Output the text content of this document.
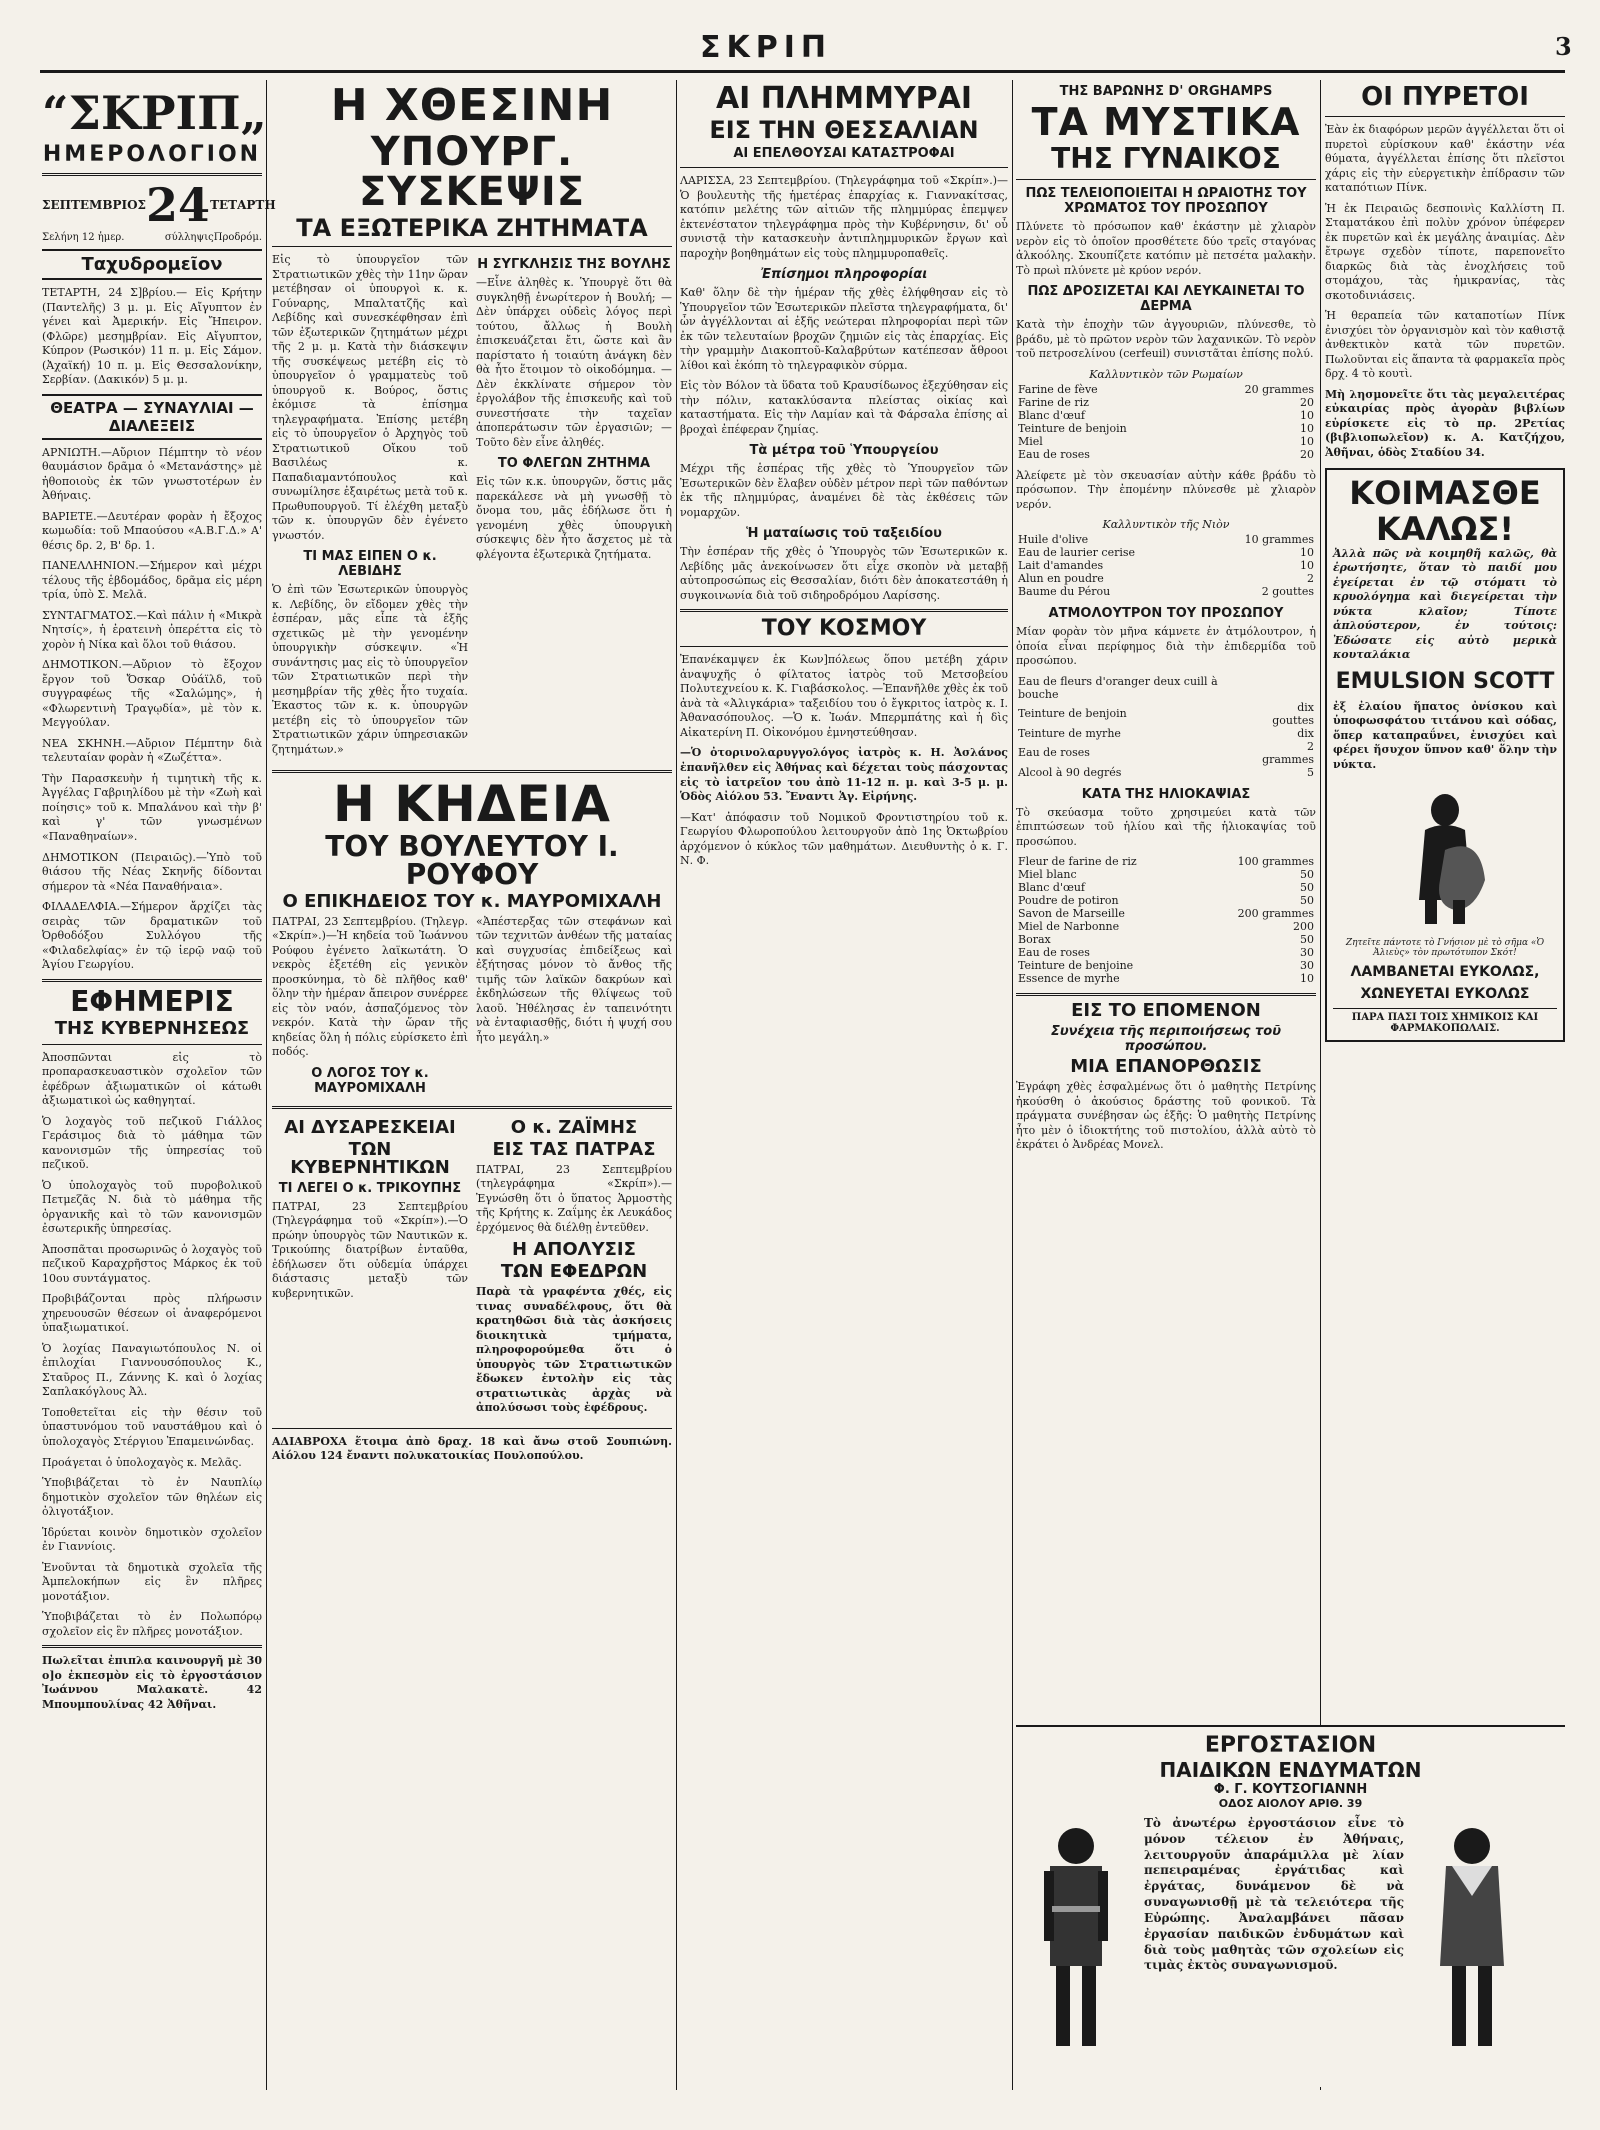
ΣΚΡΙΠ	3
“ΣΚΡΙΠ„
ΗΜΕΡΟΛΟΓΙΟΝ
ΣΕΠΤΕΜΒΡΙΟΣ 24 ΤΕΤΑΡΤΗ
Σελήνη 12 ἡμερ.	σύλληψιςΠροδρόμ.
Ταχυδρομεῖον

ΤΕΤΑΡΤΗ, 24 Σ]βρίου.— Εἰς Κρήτην (Παντελῆς) 3 μ. μ. Εἰς Αἴγυπτον ἐν γένει καὶ Ἀμερικήν. Εἰς Ἤπειρον. (Φλῶρε) μεσημβρίαν. Εἰς Αἴγυπτον, Κύπρον (Ρωσικόν) 11 π. μ. Εἰς Σάμον. (Ἀχαϊκή) 10 π. μ. Εἰς Θεσσαλονίκην, Σερβίαν. (Δακικόν) 5 μ. μ.

ΘΕΑΤΡΑ — ΣΥΝΑΥΛΙΑΙ — ΔΙΑΛΕΞΕΙΣ

ΑΡΝΙΩΤΗ.—Αὔριον Πέμπτην τὸ νέον θαυμάσιον δρᾶμα ὁ «Μετανάστης» μὲ ἠθοποιοὺς ἐκ τῶν γνωστοτέρων ἐν Ἀθήναις.

ΒΑΡΙΕΤΕ.—Δευτέραν φορὰν ἡ ἔξοχος κωμωδία: τοῦ Μπαούσου «Α.Β.Γ.Δ.» Α' θέσις δρ. 2, Β' δρ. 1.

ΠΑΝΕΛΛΗΝΙΟΝ.—Σήμερον καὶ μέχρι τέλους τῆς ἑβδομάδος, δρᾶμα εἰς μέρη τρία, ὑπὸ Σ. Μελᾶ.

ΣΥΝΤΑΓΜΑΤΟΣ.—Καὶ πάλιν ἡ «Μικρὰ Νητσίς», ἡ ἐρατεινὴ ὀπερέττα εἰς τὸ χορὸν ἡ Νίκα καὶ ὅλοι τοῦ θιάσου.

ΔΗΜΟΤΙΚΟΝ.—Αὔριον τὸ ἔξοχον ἔργον τοῦ Ὄσκαρ Οὐάϊλδ, τοῦ συγγραφέως τῆς «Σαλώμης», ἡ «Φλωρεντινὴ Τραγῳδία», μὲ τὸν κ. Μεγγούλαν.

ΝΕΑ ΣΚΗΝΗ.—Αὔριον Πέμπτην διὰ τελευταίαν φορὰν ἡ «Ζωζέττα».

Τὴν Παρασκευὴν ἡ τιμητικὴ τῆς κ. Ἀγγέλας Γαβριηλίδου μὲ τὴν «Ζωὴ καὶ ποίησις» τοῦ κ. Μπαλάνου καὶ τὴν β' καὶ γ' τῶν γνωσμένων «Παναθηναίων».

ΔΗΜΟΤΙΚΟΝ (Πειραιῶς).—Ὑπὸ τοῦ θιάσου τῆς Νέας Σκηνῆς δίδονται σήμερον τὰ «Νέα Παναθήναια».

ΦΙΛΑΔΕΛΦΙΑ.—Σήμερον ἄρχίζει τὰς σειρὰς τῶν δραματικῶν τοῦ Ὀρθοδόξου Συλλόγου τῆς «Φιλαδελφίας» ἐν τῷ ἱερῷ ναῷ τοῦ Ἁγίου Γεωργίου.

ΕΦΗΜΕΡΙΣ
ΤΗΣ ΚΥΒΕΡΝΗΣΕΩΣ

Ἀποσπῶνται εἰς τὸ προπαρασκευαστικὸν σχολεῖον τῶν ἐφέδρων ἀξιωματικῶν οἱ κάτωθι ἀξιωματικοὶ ὡς καθηγηταί.

Ὁ λοχαγὸς τοῦ πεζικοῦ Γιάλλος Γεράσιμος διὰ τὸ μάθημα τῶν κανονισμῶν τῆς ὑπηρεσίας τοῦ πεζικοῦ.

Ὁ ὑπολοχαγὸς τοῦ πυροβολικοῦ Πετμεζᾶς Ν. διὰ τὸ μάθημα τῆς ὀργανικῆς καὶ τὸ τῶν κανονισμῶν ἐσωτερικῆς ὑπηρεσίας.

Ἀποσπᾶται προσωρινῶς ὁ λοχαγὸς τοῦ πεζικοῦ Καραχρῆστος Μάρκος ἐκ τοῦ 10ου συντάγματος.

Προβιβάζονται πρὸς πλήρωσιν χηρευουσῶν θέσεων οἱ ἀναφερόμενοι ὑπαξιωματικοί.

Ὁ λοχίας Παναγιωτόπουλος Ν. οἱ ἐπιλοχίαι Γιαννουσόπουλος Κ., Σταῦρος Π., Ζάννης Κ. καὶ ὁ λοχίας Σαπλακόγλους Ἀλ.

Τοποθετεῖται εἰς τὴν θέσιν τοῦ ὑπαστυνόμου τοῦ ναυστάθμου καὶ ὁ ὑπολοχαγὸς Στέργιου Ἐπαμεινώνδας.

Προάγεται ὁ ὑπολοχαγὸς κ. Μελᾶς.

Ὑποβιβάζεται τὸ ἐν Ναυπλίῳ δημοτικὸν σχολεῖον τῶν θηλέων εἰς ὀλιγοτάξιον.

Ἱδρύεται κοινὸν δημοτικὸν σχολεῖον ἐν Γιαννίοις.

Ἐνοῦνται τὰ δημοτικὰ σχολεῖα τῆς Ἀμπελοκήπων εἰς ἓν πλῆρες μονοτάξιον.

Ὑποβιβάζεται τὸ ἐν Πολωπόρῳ σχολεῖον εἰς ἓν πλῆρες μονοτάξιον.

Πωλεῖται ἐπιπλα καινουργῆ μὲ 30 ο]ο ἐκπεσμὸν εἰς τὸ ἐργοστάσιον Ἰωάννου Μαλακατὲ. 42 Μπουμπουλίνας 42 Ἀθῆναι.

Η ΧΘΕΣΙΝΗ
ΥΠΟΥΡΓ. ΣΥΣΚΕΨΙΣ
ΤΑ ΕΞΩΤΕΡΙΚΑ ΖΗΤΗΜΑΤΑ

Εἰς τὸ ὑπουργεῖον τῶν Στρατιωτικῶν χθὲς τὴν 11ην ὥραν μετέβησαν οἱ ὑπουργοὶ κ. κ. Γούναρης, Μπαλτατζῆς καὶ Λεβίδης καὶ συνεσκέφθησαν ἐπὶ τῶν ἐξωτερικῶν ζητημάτων μέχρι τῆς 2 μ. μ. Κατὰ τὴν διάσκεψιν τῆς συσκέψεως μετέβη εἰς τὸ ὑπουργεῖον ὁ γραμματεὺς τοῦ ὑπουργοῦ κ. Βούρος, ὅστις ἐκόμισε τὰ ἐπίσημα τηλεγραφήματα. Ἐπίσης μετέβη εἰς τὸ ὑπουργεῖον ὁ Ἀρχηγὸς τοῦ Στρατιωτικοῦ Οἴκου τοῦ Βασιλέως κ. Παπαδιαμαντόπουλος καὶ συνωμίλησε ἐξαιρέτως μετὰ τοῦ κ. Πρωθυπουργοῦ. Τί ἐλέχθη μεταξὺ τῶν κ. ὑπουργῶν δὲν ἐγένετο γνωστόν.

ΤΙ ΜΑΣ ΕΙΠΕΝ Ο κ. ΛΕΒΙΔΗΣ

Ὁ ἐπὶ τῶν Ἐσωτερικῶν ὑπουργὸς κ. Λεβίδης, ὃν εἴδομεν χθὲς τὴν ἑσπέραν, μᾶς εἶπε τὰ ἑξῆς σχετικῶς μὲ τὴν γενομένην ὑπουργικὴν σύσκεψιν. «Ἡ συνάντησις μας εἰς τὸ ὑπουργεῖον τῶν Στρατιωτικῶν περὶ τὴν μεσημβρίαν τῆς χθὲς ἦτο τυχαία. Ἐκαστος τῶν κ. κ. ὑπουργῶν μετέβη εἰς τὸ ὑπουργεῖον τῶν Στρατιωτικῶν χάριν ὑπηρεσιακῶν ζητημάτων.»

Η ΣΥΓΚΛΗΣΙΣ ΤΗΣ ΒΟΥΛΗΣ

—Εἶνε ἀληθὲς κ. Ὑπουργὲ ὅτι θὰ συγκληθῇ ἐνωρίτερον ἡ Βουλή; —Δὲν ὑπάρχει οὐδεὶς λόγος περὶ τούτου, ἄλλως ἡ Βουλὴ ἐπισκευάζεται ἔτι, ὥστε καὶ ἂν παρίστατο ἡ τοιαύτη ἀνάγκη δὲν θὰ ἦτο ἕτοιμον τὸ οἰκοδόμημα. —Δὲν ἐκκλίνατε σήμερον τὸν ἐργολάβον τῆς ἐπισκευῆς καὶ τοῦ συνεστήσατε τὴν ταχεῖαν ἀποπεράτωσιν τῶν ἐργασιῶν; —Τοῦτο δὲν εἶνε ἀληθές.

ΤΟ ΦΛΕΓΩΝ ΖΗΤΗΜΑ

Εἰς τῶν κ.κ. ὑπουργῶν, ὅστις μᾶς παρεκάλεσε νὰ μὴ γνωσθῇ τὸ ὄνομα του, μᾶς ἐδήλωσε ὅτι ἡ γενομένη χθὲς ὑπουργικὴ σύσκεψις δὲν ἦτο ἄσχετος μὲ τὰ φλέγοντα ἐξωτερικὰ ζητήματα.

Η ΚΗΔΕΙΑ
ΤΟΥ ΒΟΥΛΕΥΤΟΥ Ι. ΡΟΥΦΟΥ
Ο ΕΠΙΚΗΔΕΙΟΣ ΤΟΥ κ. ΜΑΥΡΟΜΙΧΑΛΗ

ΠΑΤΡΑΙ, 23 Σεπτεμβρίου. (Τηλεγρ. «Σκρίπ».)—Ἡ κηδεία τοῦ Ἰωάννου Ρούφου ἐγένετο λαϊκωτάτη. Ὁ νεκρὸς ἐξετέθη εἰς γενικὸν προσκύνημα, τὸ δὲ πλῆθος καθ' ὅλην τὴν ἡμέραν ἄπειρον συνέρρεε εἰς τὸν ναόν, ἀσπαζόμενος τὸν νεκρόν. Κατὰ τὴν ὥραν τῆς κηδείας ὅλη ἡ πόλις εὑρίσκετο ἐπὶ ποδός.

Ο ΛΟΓΟΣ ΤΟΥ κ. ΜΑΥΡΟΜΙΧΑΛΗ

«Ἀπέστερξας τῶν στεφάνων καὶ τῶν τεχνιτῶν ἀνθέων τῆς ματαίας καὶ συγχυσίας ἐπιδείξεως καὶ ἐξήτησας μόνον τὸ ἄνθος τῆς τιμῆς τῶν λαϊκῶν δακρύων καὶ ἐκδηλώσεων τῆς θλίψεως τοῦ λαοῦ. Ἠθέλησας ἐν ταπεινότητι νὰ ἐνταφιασθῇς, διότι ἡ ψυχή σου ἦτο μεγάλη.»

ΑΙ ΔΥΣΑΡΕΣΚΕΙΑΙ
ΤΩΝ ΚΥΒΕΡΝΗΤΙΚΩΝ
ΤΙ ΛΕΓΕΙ Ο κ. ΤΡΙΚΟΥΠΗΣ

ΠΑΤΡΑΙ, 23 Σεπτεμβρίου (Τηλεγράφημα τοῦ «Σκρίπ»).—Ὁ πρώην ὑπουργὸς τῶν Ναυτικῶν κ. Τρικούπης διατρίβων ἐνταῦθα, ἐδήλωσεν ὅτι οὐδεμία ὑπάρχει διάστασις μεταξὺ τῶν κυβερνητικῶν.

Ο κ. ΖΑΪΜΗΣ
ΕΙΣ ΤΑΣ ΠΑΤΡΑΣ

ΠΑΤΡΑΙ, 23 Σεπτεμβρίου (τηλεγράφημα «Σκρίπ»).—Ἐγνώσθη ὅτι ὁ ὕπατος Ἁρμοστὴς τῆς Κρήτης κ. Ζαΐμης ἐκ Λευκάδος ἐρχόμενος θὰ διέλθῃ ἐντεῦθεν.

Η ΑΠΟΛΥΣΙΣ
ΤΩΝ ΕΦΕΔΡΩΝ

Παρὰ τὰ γραφέντα χθές, εἰς τινας συναδέλφους, ὅτι θὰ κρατηθῶσι διὰ τὰς ἀσκήσεις διοικητικὰ τμήματα, πληροφορούμεθα ὅτι ὁ ὑπουργὸς τῶν Στρατιωτικῶν ἔδωκεν ἐντολὴν εἰς τὰς στρατιωτικὰς ἀρχὰς νὰ ἀπολύσωσι τοὺς ἐφέδρους.

ΑΔΙΑΒΡΟΧΑ ἕτοιμα ἀπὸ δραχ. 18 καὶ ἄνω στοῦ Σουπιώνη. Αἰόλου 124 ἔναντι πολυκατοικίας Πουλοπούλου.

ΑΙ ΠΛΗΜΜΥΡΑΙ
ΕΙΣ ΤΗΝ ΘΕΣΣΑΛΙΑΝ
ΑΙ ΕΠΕΛΘΟΥΣΑΙ ΚΑΤΑΣΤΡΟΦΑΙ

ΛΑΡΙΣΣΑ, 23 Σεπτεμβρίου. (Τηλεγράφημα τοῦ «Σκρίπ».)—Ὁ βουλευτὴς τῆς ἡμετέρας ἐπαρχίας κ. Γιαννακίτσας, κατόπιν μελέτης τῶν αἰτιῶν τῆς πλημμύρας ἐπεμψεν ἐκτενέστατον τηλεγράφημα πρὸς τὴν Κυβέρνησιν, δι' οὗ συνιστᾷ τὴν κατασκευὴν ἀντιπλημμυρικῶν ἔργων καὶ παροχὴν βοηθημάτων εἰς τοὺς πλημμυροπαθεῖς.

Ἐπίσημοι πληροφορίαι

Καθ' ὅλην δὲ τὴν ἡμέραν τῆς χθὲς ἐλήφθησαν εἰς τὸ Ὑπουργεῖον τῶν Ἐσωτερικῶν πλεῖστα τηλεγραφήματα, δι' ὧν ἀγγέλλονται αἱ ἐξῆς νεώτεραι πληροφορίαι περὶ τῶν ἐκ τῶν τελευταίων βροχῶν ζημιῶν εἰς τὰς ἐπαρχίας. Εἰς τὴν γραμμὴν Διακοπτοῦ-Καλαβρύτων κατέπεσαν ἄθροοι λίθοι καὶ ἐκόπη τὸ τηλεγραφικὸν σύρμα.

Εἰς τὸν Βόλον τὰ ὕδατα τοῦ Κραυσίδωνος ἐξεχύθησαν εἰς τὴν πόλιν, κατακλύσαντα πλείστας οἰκίας καὶ καταστήματα. Εἰς τὴν Λαμίαν καὶ τὰ Φάρσαλα ἐπίσης αἱ βροχαὶ ἐπέφεραν ζημίας.

Τὰ μέτρα τοῦ Ὑπουργείου

Μέχρι τῆς ἑσπέρας τῆς χθὲς τὸ Ὑπουργεῖον τῶν Ἐσωτερικῶν δὲν ἔλαβεν οὐδὲν μέτρον περὶ τῶν παθόντων ἐκ τῆς πλημμύρας, ἀναμένει δὲ τὰς ἐκθέσεις τῶν νομαρχῶν.

Ἡ ματαίωσις τοῦ ταξειδίου

Τὴν ἑσπέραν τῆς χθὲς ὁ Ὑπουργὸς τῶν Ἐσωτερικῶν κ. Λεβίδης μᾶς ἀνεκοίνωσεν ὅτι εἶχε σκοπὸν νὰ μεταβῇ αὐτοπροσώπως εἰς Θεσσαλίαν, διότι δὲν ἀποκατεστάθη ἡ συγκοινωνία διὰ τοῦ σιδηροδρόμου Λαρίσσης.

ΤΟΥ ΚΟΣΜΟΥ

Ἐπανέκαμψεν ἐκ Κων]πόλεως ὅπου μετέβη χάριν ἀναψυχῆς ὁ φίλτατος ἰατρὸς τοῦ Μετσοβείου Πολυτεχνείου κ. Κ. Γιαβάσκολος. —Ἐπανῆλθε χθὲς ἐκ τοῦ ἀνὰ τὰ «Ἀλιγκάρια» ταξειδίου του ὁ ἔγκριτος ἰατρὸς κ. Ι. Ἀθανασόπουλος. —Ὁ κ. Ἰωάν. Μπερμπάτης καὶ ἡ δὶς Αἰκατερίνη Π. Οἰκονόμου ἐμνηστεύθησαν.

—Ὁ ὀτορινολαρυγγολόγος ἰατρὸς κ. Η. Ἀσλάνος ἐπανῆλθεν εἰς Ἀθήνας καὶ δέχεται τοὺς πάσχοντας εἰς τὸ ἰατρεῖον του ἀπὸ 11-12 π. μ. καὶ 3-5 μ. μ. Ὁδὸς Αἰόλου 53. Ἔναντι Ἁγ. Εἰρήνης.

—Κατ' ἀπόφασιν τοῦ Νομικοῦ Φροντιστηρίου τοῦ κ. Γεωργίου Φλωροπούλου λειτουργοῦν ἀπὸ 1ης Ὀκτωβρίου ἀρχόμενον ὁ κύκλος τῶν μαθημάτων. Διευθυντὴς ὁ κ. Γ. Ν. Φ.

ΤΗΣ ΒΑΡΩΝΗΣ D' ORGHAMPS
ΤΑ ΜΥΣΤΙΚΑ
ΤΗΣ ΓΥΝΑΙΚΟΣ
ΠΩΣ ΤΕΛΕΙΟΠΟΙΕΙΤΑΙ Η ΩΡΑΙΟΤΗΣ ΤΟΥ ΧΡΩΜΑΤΟΣ ΤΟΥ ΠΡΟΣΩΠΟΥ

Πλύνετε τὸ πρόσωπον καθ' ἑκάστην μὲ χλιαρὸν νερὸν εἰς τὸ ὁποῖον προσθέτετε δύο τρεῖς σταγόνας ἀλκοόλης. Σκουπίζετε κατόπιν μὲ πετσέτα μαλακὴν. Τὸ πρωὶ πλύνετε μὲ κρύον νερόν.

ΠΩΣ ΔΡΟΣΙΖΕΤΑΙ ΚΑΙ ΛΕΥΚΑΙΝΕΤΑΙ ΤΟ ΔΕΡΜΑ

Κατὰ τὴν ἐποχὴν τῶν ἀγγουριῶν, πλύνεσθε, τὸ βράδυ, μὲ τὸ πρῶτον νερὸν τῶν λαχανικῶν. Τὸ νερὸν τοῦ πετροσελίνου (cerfeuil) συνιστᾶται ἐπίσης πολύ.

Καλλυντικὸν τῶν Ρωμαίων
Farine de fève	20 grammes
Farine de riz	20
Blanc d'œuf	10
Teinture de benjoin	10
Miel	10
Eau de roses	20

Ἀλείφετε μὲ τὸν σκευασίαν αὐτὴν κάθε βράδυ τὸ πρόσωπον. Τὴν ἐπομένην πλύνεσθε μὲ χλιαρὸν νερόν.

Καλλυντικὸν τῆς Νιὸν
Huile d'olive	10 grammes
Eau de laurier cerise	10
Lait d'amandes	10
Alun en poudre	2
Baume du Pérou	2 gouttes
ΑΤΜΟΛΟΥΤΡΟΝ ΤΟΥ ΠΡΟΣΩΠΟΥ

Μίαν φορὰν τὸν μῆνα κάμνετε ἐν ἀτμόλουτρον, ἡ ὁποία εἶναι περίφημος διὰ τὴν ἐπιδερμίδα τοῦ προσώπου.

Eau de fleurs d'oranger deux cuill à bouche	
Teinture de benjoin	dix gouttes
Teinture de myrhe	dix
Eau de roses	2 grammes
Alcool à 90 degrés	5
ΚΑΤΑ ΤΗΣ ΗΛΙΟΚΑΨΙΑΣ

Τὸ σκεύασμα τοῦτο χρησιμεύει κατὰ τῶν ἐπιπτώσεων τοῦ ἡλίου καὶ τῆς ἡλιοκαψίας τοῦ προσώπου.

Fleur de farine de riz	100 grammes
Miel blanc	50
Blanc d'œuf	50
Poudre de potiron	50
Savon de Marseille	200 grammes
Miel de Narbonne	200
Borax	50
Eau de roses	30
Teinture de benjoine	30
Essence de myrhe	10
ΕΙΣ ΤΟ ΕΠΟΜΕΝΟΝ
Συνέχεια τῆς περιποιήσεως τοῦ προσώπου.
ΜΙΑ ΕΠΑΝΟΡΘΩΣΙΣ

Ἐγράφη χθὲς ἐσφαλμένως ὅτι ὁ μαθητὴς Πετρίνης ἠκούσθη ὁ ἀκούσιος δράστης τοῦ φονικοῦ. Τὰ πράγματα συνέβησαν ὡς ἑξῆς: Ὁ μαθητὴς Πετρίνης ἦτο μὲν ὁ ἰδιοκτήτης τοῦ πιστολίου, ἀλλὰ αὐτὸ τὸ ἐκράτει ὁ Ἀνδρέας Μονελ.

ΟΙ ΠΥΡΕΤΟΙ

Ἐὰν ἐκ διαφόρων μερῶν ἀγγέλλεται ὅτι οἱ πυρετοὶ εὑρίσκουν καθ' ἑκάστην νέα θύματα, ἀγγέλλεται ἐπίσης ὅτι πλεῖστοι χάρις εἰς τὴν εὐεργετικὴν ἐπίδρασιν τῶν καταπότιων Πίνκ.

Ἡ ἐκ Πειραιῶς δεσποινὶς Καλλίστη Π. Σταματάκου ἐπὶ πολὺν χρόνον ὑπέφερεν ἐκ πυρετῶν καὶ ἐκ μεγάλης ἀναιμίας. Δὲν ἔτρωγε σχεδὸν τίποτε, παρεπονεῖτο διαρκῶς διὰ τὰς ἐνοχλήσεις τοῦ στομάχου, τὰς ἡμικρανίας, τὰς σκοτοδινιάσεις.

Ἡ θεραπεία τῶν καταποτίων Πίνκ ἐνισχύει τὸν ὀργανισμὸν καὶ τὸν καθιστᾷ ἀνθεκτικὸν κατὰ τῶν πυρετῶν. Πωλοῦνται εἰς ἅπαντα τὰ φαρμακεῖα πρὸς δρχ. 4 τὸ κουτὶ.

Μὴ λησμονεῖτε ὅτι τὰς μεγαλειτέρας εὐκαιρίας πρὸς ἀγορὰν βιβλίων εὑρίσκετε εἰς τὸ πρ. 2Ρετίας (βιβλιοπωλεῖον) κ. Α. Κατζήχου, Ἀθῆναι, ὁδὸς Σταδίου 34.

ΚΟΙΜΑΣΘΕ
ΚΑΛΩΣ!

Ἀλλὰ πῶς νὰ κοιμηθῆ καλῶς, θὰ ἐρωτήσητε, ὅταν τὸ παιδί μου ἐγείρεται ἐν τῷ στόματι τὸ κρυολόγημα καὶ διεγείρεται τὴν νύκτα κλαῖον; Τίποτε ἁπλούστερον, ἐν τούτοις: Ἐδώσατε εἰς αὐτὸ μερικὰ κουταλάκια

EMULSION SCOTT

ἐξ ἐλαίου ἥπατος ὀνίσκου καὶ ὑποφωσφάτου τιτάνου καὶ σόδας, ὅπερ καταπραΰνει, ἐνισχύει καὶ φέρει ἥσυχον ὕπνον καθ' ὅλην τὴν νύκτα.

Ζητεῖτε πάντοτε τὸ Γνήσιον μὲ τὸ σῆμα «Ὁ Ἀλιεὺς» τὸν πρωτότυπον Σκότ!
ΛΑΜΒΑΝΕΤΑΙ ΕΥΚΟΛΩΣ,
ΧΩΝΕΥΕΤΑΙ ΕΥΚΟΛΩΣ
ΠΑΡΑ ΠΑΣΙ ΤΟΙΣ ΧΗΜΙΚΟΙΣ ΚΑΙ ΦΑΡΜΑΚΟΠΩΛΑΙΣ.
ΕΡΓΟΣΤΑΣΙΟΝ
ΠΑΙΔΙΚΩΝ ΕΝΔΥΜΑΤΩΝ
Φ. Γ. ΚΟΥΤΣΟΓΙΑΝΝΗ
ΟΔΟΣ ΑΙΟΛΟΥ ΑΡΙΘ. 39

Τὸ ἀνωτέρω ἐργοστάσιον εἶνε τὸ μόνον τέλειον ἐν Ἀθήναις, λειτουργοῦν ἀπαράμιλλα μὲ λίαν πεπειραμένας ἐργάτιδας καὶ ἐργάτας, δυνάμενον δὲ νὰ συναγωνισθῇ μὲ τὰ τελειότερα τῆς Εὐρώπης. Ἀναλαμβάνει πᾶσαν ἐργασίαν παιδικῶν ἐνδυμάτων καὶ διὰ τοὺς μαθητὰς τῶν σχολείων εἰς τιμὰς ἐκτὸς συναγωνισμοῦ.
